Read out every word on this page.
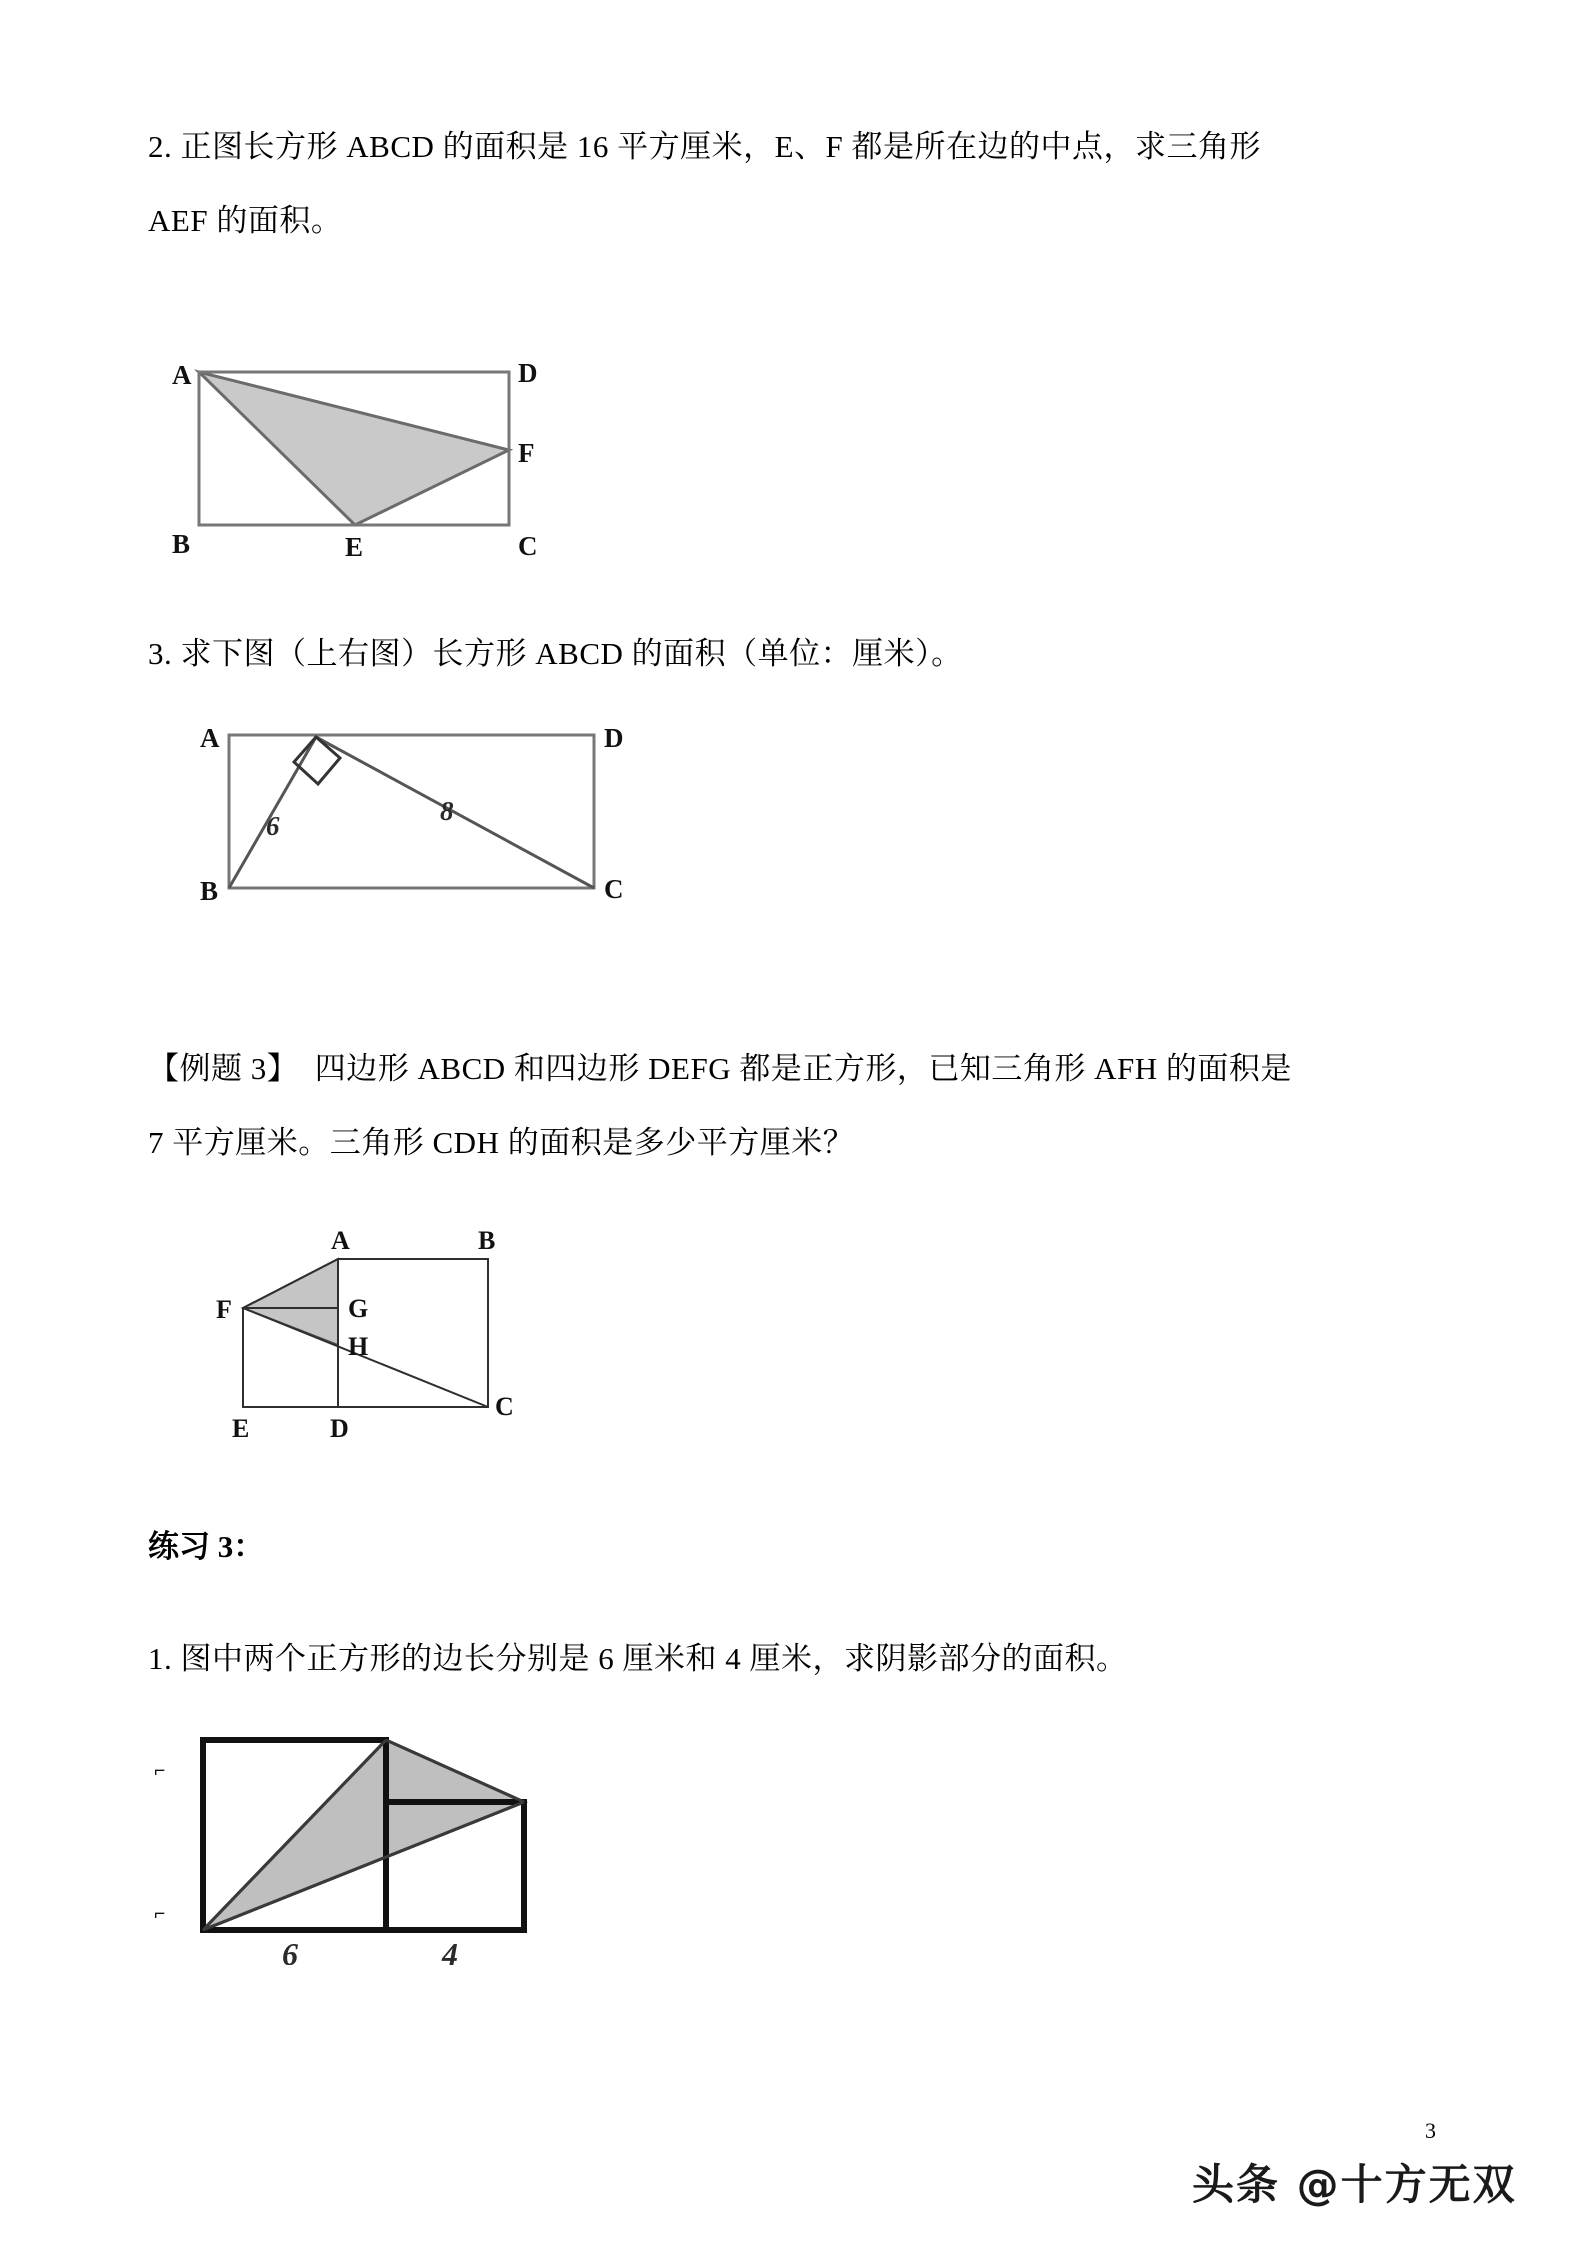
2. 正图长方形 ABCD 的面积是 16 平方厘米，E、F 都是所在边的中点，求三角形
AEF 的面积。
A	D
B	C
E
F
3. 求下图（上右图）长方形 ABCD 的面积（单位：厘米）。
6	8
A	D
B	C
【例题 3】  四边形 ABCD 和四边形 DEFG 都是正方形，已知三角形 AFH 的面积是
7 平方厘米。三角形 CDH 的面积是多少平方厘米？
A	B
C
D
E
F	G
H
练习 3：
1. 图中两个正方形的边长分别是 6 厘米和 4 厘米，求阴影部分的面积。
⌐
⌐
6	4
3
头条 @十方无双
